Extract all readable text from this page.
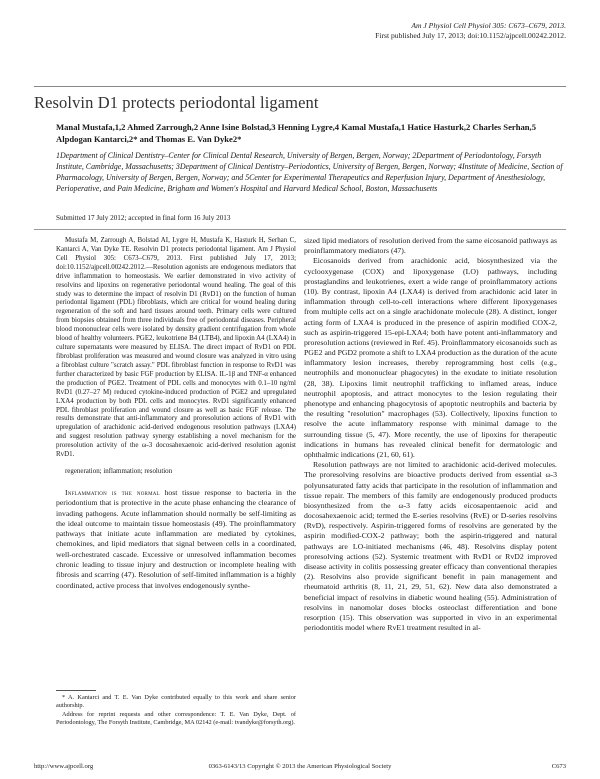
Am J Physiol Cell Physiol 305: C673–C679, 2013.
First published July 17, 2013; doi:10.1152/ajpcell.00242.2012.
Resolvin D1 protects periodontal ligament
Manal Mustafa,1,2 Ahmed Zarrough,2 Anne Isine Bolstad,3 Henning Lygre,4 Kamal Mustafa,1 Hatice Hasturk,2 Charles Serhan,5 Alpdogan Kantarci,2* and Thomas E. Van Dyke2*
1Department of Clinical Dentistry–Center for Clinical Dental Research, University of Bergen, Bergen, Norway; 2Department of Periodontology, Forsyth Institute, Cambridge, Massachusetts; 3Department of Clinical Dentistry–Periodontics, University of Bergen, Bergen, Norway; 4Institute of Medicine, Section of Pharmacology, University of Bergen, Bergen, Norway; and 5Center for Experimental Therapeutics and Reperfusion Injury, Department of Anesthesiology, Perioperative, and Pain Medicine, Brigham and Women's Hospital and Harvard Medical School, Boston, Massachusetts
Submitted 17 July 2012; accepted in final form 16 July 2013

Mustafa M, Zarrough A, Bolstad AI, Lygre H, Mustafa K, Hasturk H, Serhan C, Kantarci A, Van Dyke TE. Resolvin D1 protects periodontal ligament. Am J Physiol Cell Physiol 305: C673–C679, 2013. First published July 17, 2013; doi:10.1152/ajpcell.00242.2012.—Resolution agonists are endogenous mediators that drive inflammation to homeostasis. We earlier demonstrated in vivo activity of resolvins and lipoxins on regenerative periodontal wound healing. The goal of this study was to determine the impact of resolvin D1 (RvD1) on the function of human periodontal ligament (PDL) fibroblasts, which are critical for wound healing during regeneration of the soft and hard tissues around teeth. Primary cells were cultured from biopsies obtained from three individuals free of periodontal diseases. Peripheral blood mononuclear cells were isolated by density gradient centrifugation from whole blood of healthy volunteers. PGE2, leukotriene B4 (LTB4), and lipoxin A4 (LXA4) in culture supernatants were measured by ELISA. The direct impact of RvD1 on PDL fibroblast proliferation was measured and wound closure was analyzed in vitro using a fibroblast culture "scratch assay." PDL fibroblast function in response to RvD1 was further characterized by basic FGF production by ELISA. IL-1β and TNF-α enhanced the production of PGE2. Treatment of PDL cells and monocytes with 0.1–10 ng/ml RvD1 (0.27–27 M) reduced cytokine-induced production of PGE2 and upregulated LXA4 production by both PDL cells and monocytes. RvD1 significantly enhanced PDL fibroblast proliferation and wound closure as well as basic FGF release. The results demonstrate that anti-inflammatory and proresolution actions of RvD1 with upregulation of arachidonic acid-derived endogenous resolution pathways (LXA4) and suggest resolution pathway synergy establishing a novel mechanism for the proresolution activity of the ω-3 docosahexaenoic acid-derived resolution agonist RvD1.

regeneration; inflammation; resolution

Inflammation is the normal host tissue response to bacteria in the periodontium that is protective in the acute phase enhancing the clearance of invading pathogens. Acute inflammation should normally be self-limiting as the ideal outcome to maintain tissue homeostasis (49). The proinflammatory pathways that initiate acute inflammation are mediated by cytokines, chemokines, and lipid mediators that signal between cells in a coordinated, well-orchestrated cascade. Excessive or unresolved inflammation becomes chronic leading to tissue injury and destruction or incomplete healing with fibrosis and scarring (47). Resolution of self-limited inflammation is a highly coordinated, active process that involves endogenously synthe-

sized lipid mediators of resolution derived from the same eicosanoid pathways as proinflammatory mediators (47).

Eicosanoids derived from arachidonic acid, biosynthesized via the cyclooxygenase (COX) and lipoxygenase (LO) pathways, including prostaglandins and leukotrienes, exert a wide range of proinflammatory actions (10). By contrast, lipoxin A4 (LXA4) is derived from arachidonic acid later in inflammation through cell-to-cell interactions where different lipoxygenases from multiple cells act on a single arachidonate molecule (28). A distinct, longer acting form of LXA4 is produced in the presence of aspirin modified COX-2, such as aspirin-triggered 15-epi-LXA4; both have potent anti-inflammatory and proresolution actions (reviewed in Ref. 45). Proinflammatory eicosanoids such as PGE2 and PGD2 promote a shift to LXA4 production as the duration of the acute inflammatory lesion increases, thereby reprogramming host cells (e.g., neutrophils and mononuclear phagocytes) in the exudate to initiate resolution (28, 38). Lipoxins limit neutrophil trafficking to inflamed areas, induce neutrophil apoptosis, and attract monocytes to the lesion regulating their phenotype and enhancing phagocytosis of apoptotic neutrophils and bacteria by the resulting "resolution" macrophages (53). Collectively, lipoxins function to resolve the acute inflammatory response with minimal damage to the surrounding tissue (5, 47). More recently, the use of lipoxins for therapeutic indications in humans has revealed clinical benefit for dermatologic and ophthalmic indications (21, 60, 61).

Resolution pathways are not limited to arachidonic acid-derived molecules. The proresolving resolvins are bioactive products derived from essential ω-3 polyunsaturated fatty acids that participate in the resolution of inflammation and tissue repair. The members of this family are endogenously produced products biosynthesized from the ω-3 fatty acids eicosapentaenoic acid and docosahexaenoic acid; termed the E-series resolvins (RvE) or D-series resolvins (RvD), respectively. Aspirin-triggered forms of resolvins are generated by the aspirin modified-COX-2 pathway; both the aspirin-triggered and natural pathways are LO-initiated mechanisms (46, 48). Resolvins display potent proresolving actions (52). Systemic treatment with RvD1 or RvD2 improved disease activity in colitis possessing greater efficacy than conventional therapies (2). Resolvins also provide significant benefit in pain management and rheumatoid arthritis (8, 11, 21, 29, 51, 62). New data also demonstrated a beneficial impact of resolvins in diabetic wound healing (55). Administration of resolvins in nanomolar doses blocks osteoclast differentiation and bone resorption (15). This observation was supported in vivo in an experimental periodontitis model where RvE1 treatment resulted in al-

* A. Kantarci and T. E. Van Dyke contributed equally to this work and share senior authorship.

Address for reprint requests and other correspondence: T. E. Van Dyke, Dept. of Periodontology, The Forsyth Institute, Cambridge, MA 02142 (e-mail: tvandyke@forsyth.org).

http://www.ajpcell.org	0363-6143/13 Copyright © 2013 the American Physiological Society	C673
